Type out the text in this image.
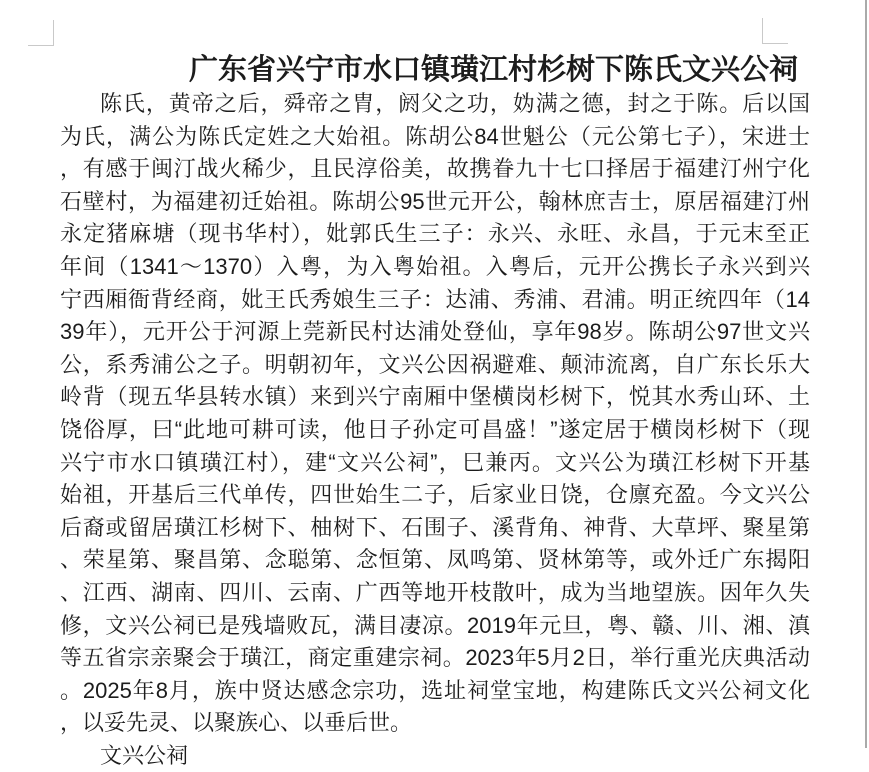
广东省兴宁市水口镇璜江村杉树下陈氏文兴公祠
陈氏，黄帝之后，舜帝之胄，阏父之功，妫满之德，封之于陈。后以国
为氏，满公为陈氏定姓之大始祖。陈胡公84世魁公（元公第七子），宋进士
，有感于闽汀战火稀少，且民淳俗美，故携眷九十七口择居于福建汀州宁化
石壁村，为福建初迁始祖。陈胡公95世元开公，翰林庶吉士，原居福建汀州
永定猪麻塘（现书华村），妣郭氏生三子：永兴、永旺、永昌，于元末至正
年间（1341～1370）入粤，为入粤始祖。入粤后，元开公携长子永兴到兴
宁西厢衙背经商，妣王氏秀娘生三子：达浦、秀浦、君浦。明正统四年（14
39年），元开公于河源上莞新民村达浦处登仙，享年98岁。陈胡公97世文兴
公，系秀浦公之子。明朝初年，文兴公因祸避难、颠沛流离，自广东长乐大
岭背（现五华县转水镇）来到兴宁南厢中堡横岗杉树下，悦其水秀山环、土
饶俗厚，曰“此地可耕可读，他日子孙定可昌盛！”遂定居于横岗杉树下（现
兴宁市水口镇璜江村），建“文兴公祠”，巳兼丙。文兴公为璜江杉树下开基
始祖，开基后三代单传，四世始生二子，后家业日饶，仓廪充盈。今文兴公
后裔或留居璜江杉树下、柚树下、石围子、溪背角、神背、大草坪、聚星第
、荣星第、聚昌第、念聪第、念恒第、凤鸣第、贤林第等，或外迁广东揭阳
、江西、湖南、四川、云南、广西等地开枝散叶，成为当地望族。因年久失
修，文兴公祠已是残墙败瓦，满目凄凉。2019年元旦，粤、赣、川、湘、滇
等五省宗亲聚会于璜江，商定重建宗祠。2023年5月2日，举行重光庆典活动
。2025年8月，族中贤达感念宗功，选址祠堂宝地，构建陈氏文兴公祠文化
，以妥先灵、以聚族心、以垂后世。
文兴公祠
